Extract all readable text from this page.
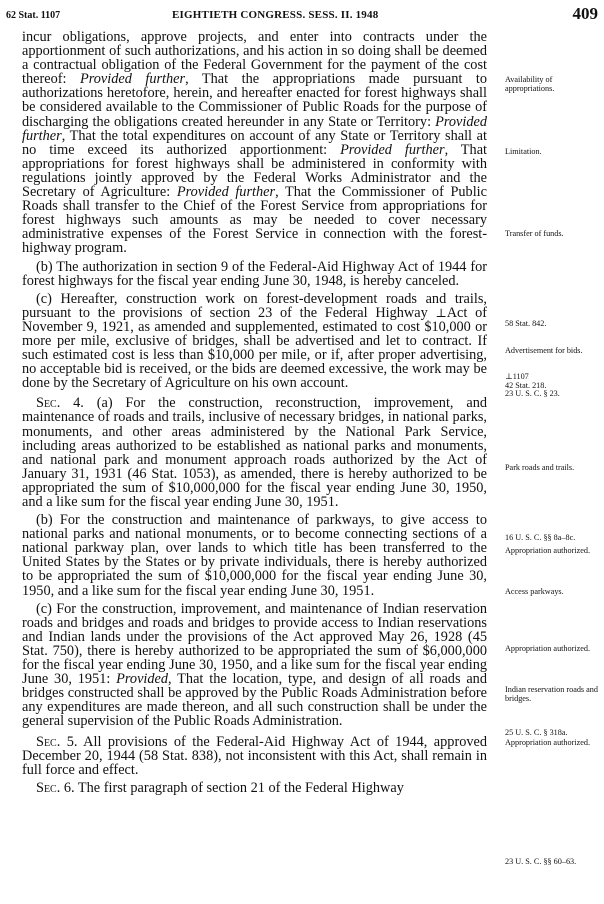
62 Stat. 1107	EIGHTIETH CONGRESS. SESS. II. 1948	409

incur obligations, approve projects, and enter into contracts under the apportionment of such authorizations, and his action in so doing shall be deemed a contractual obligation of the Federal Government for the payment of the cost thereof: Provided further, That the appropriations made pursuant to authorizations heretofore, herein, and hereafter enacted for forest highways shall be considered available to the Commissioner of Public Roads for the purpose of discharging the obligations created hereunder in any State or Territory: Provided further, That the total expenditures on account of any State or Territory shall at no time exceed its authorized apportionment: Provided further, That appropriations for forest highways shall be administered in conformity with regulations jointly approved by the Federal Works Administrator and the Secretary of Agriculture: Provided further, That the Commissioner of Public Roads shall transfer to the Chief of the Forest Service from appropriations for forest highways such amounts as may be needed to cover necessary administrative expenses of the Forest Service in connection with the forest-highway program.

(b) The authorization in section 9 of the Federal-Aid Highway Act of 1944 for forest highways for the fiscal year ending June 30, 1948, is hereby canceled.

(c) Hereafter, construction work on forest-development roads and trails, pursuant to the provisions of section 23 of the Federal Highway ⊥Act of November 9, 1921, as amended and supplemented, estimated to cost $10,000 or more per mile, exclusive of bridges, shall be advertised and let to contract. If such estimated cost is less than $10,000 per mile, or if, after proper advertising, no acceptable bid is received, or the bids are deemed excessive, the work may be done by the Secretary of Agriculture on his own account.

Sec. 4. (a) For the construction, reconstruction, improvement, and maintenance of roads and trails, inclusive of necessary bridges, in national parks, monuments, and other areas administered by the National Park Service, including areas authorized to be established as national parks and monuments, and national park and monument approach roads authorized by the Act of January 31, 1931 (46 Stat. 1053), as amended, there is hereby authorized to be appropriated the sum of $10,000,000 for the fiscal year ending June 30, 1950, and a like sum for the fiscal year ending June 30, 1951.

(b) For the construction and maintenance of parkways, to give access to national parks and national monuments, or to become connecting sections of a national parkway plan, over lands to which title has been transferred to the United States by the States or by private individuals, there is hereby authorized to be appropriated the sum of $10,000,000 for the fiscal year ending June 30, 1950, and a like sum for the fiscal year ending June 30, 1951.

(c) For the construction, improvement, and maintenance of Indian reservation roads and bridges and roads and bridges to provide access to Indian reservations and Indian lands under the provisions of the Act approved May 26, 1928 (45 Stat. 750), there is hereby authorized to be appropriated the sum of $6,000,000 for the fiscal year ending June 30, 1950, and a like sum for the fiscal year ending June 30, 1951: Provided, That the location, type, and design of all roads and bridges constructed shall be approved by the Public Roads Administration before any expenditures are made thereon, and all such construction shall be under the general supervision of the Public Roads Administration.

Sec. 5. All provisions of the Federal-Aid Highway Act of 1944, approved December 20, 1944 (58 Stat. 838), not inconsistent with this Act, shall remain in full force and effect.

Sec. 6. The first paragraph of section 21 of the Federal Highway

Availability of appropriations.
Limitation.
Transfer of funds.
58 Stat. 842.
Advertisement for bids.
⊥1107
42 Stat. 218.
23 U. S. C. § 23.
Park roads and trails.
16 U. S. C. §§ 8a–8c.
Appropriation authorized.
Access parkways.
Appropriation authorized.
Indian reservation roads and bridges.
25 U. S. C. § 318a.
Appropriation authorized.
23 U. S. C. §§ 60–63.
